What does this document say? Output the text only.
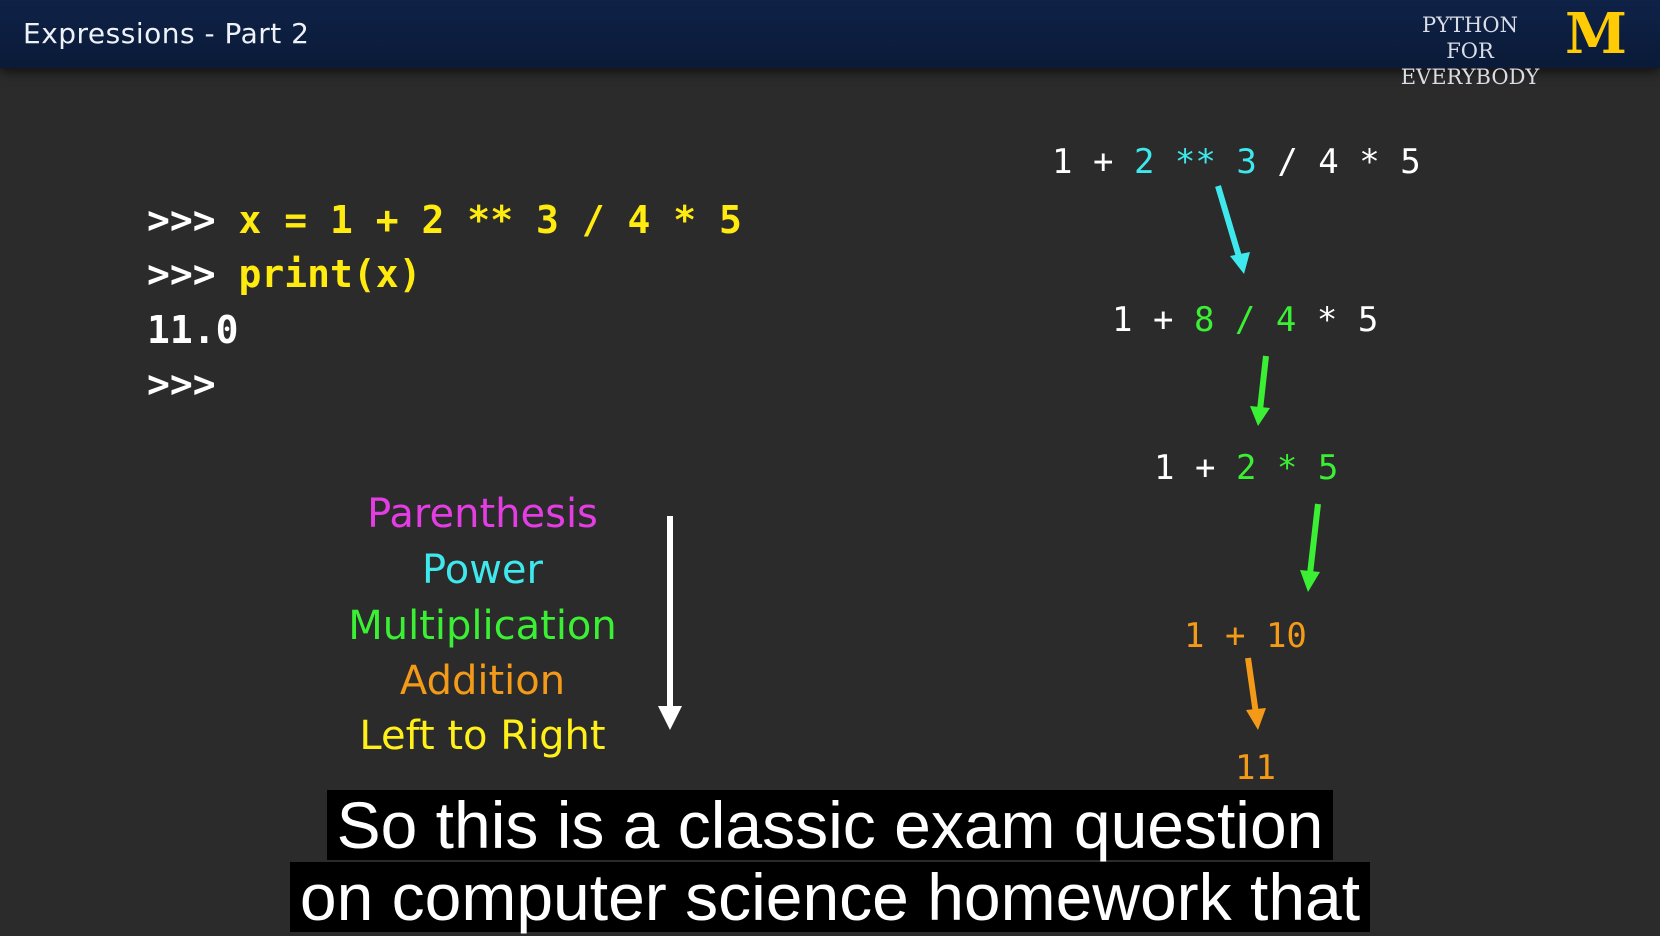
Expressions - Part 2	PYTHON FOR
EVERYBODY
M
>>> x = 1 + 2 ** 3 / 4 * 5
>>> print(x)
11.0
>>>
1 + 2 ** 3 / 4 * 5
1 + 8 / 4 * 5
1 + 2 * 5
1 + 10
11
Parenthesis
Power
Multiplication
Addition
Left to Right
So this is a classic exam question
on computer science homework that
